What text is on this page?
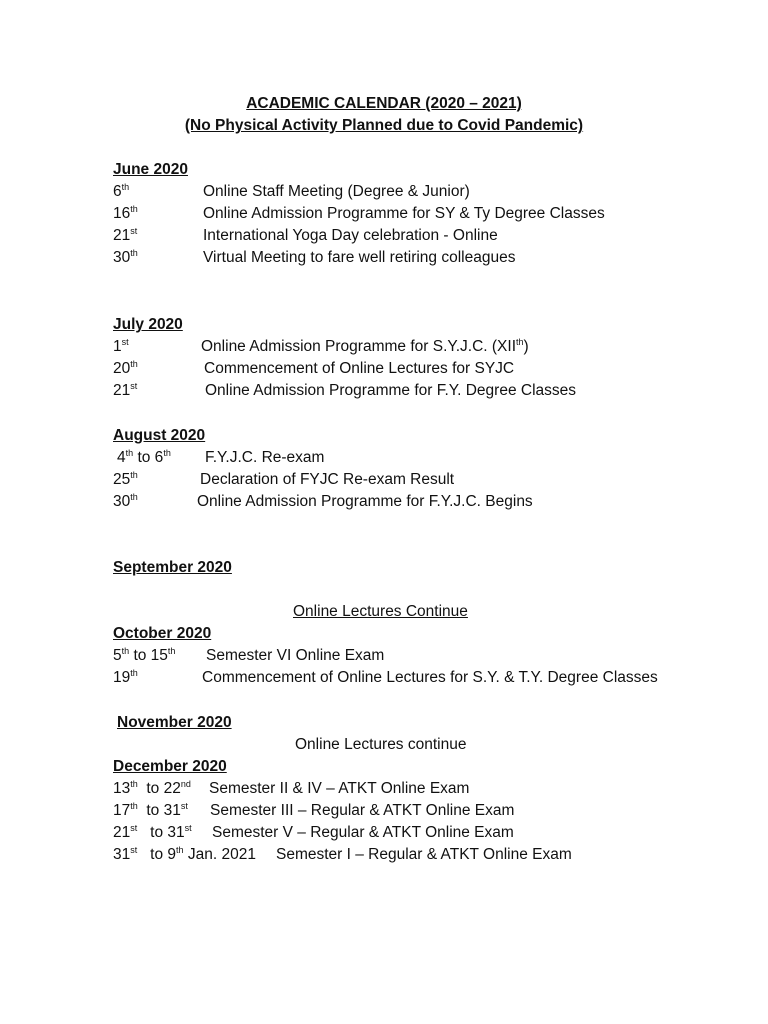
ACADEMIC CALENDAR (2020 – 2021)
(No Physical Activity Planned due to Covid Pandemic)
June 2020
6th	Online Staff Meeting (Degree & Junior)
16th	Online Admission Programme for SY & Ty Degree Classes
21st	International Yoga Day celebration - Online
30th	Virtual Meeting to fare well retiring colleagues
July 2020
1st	Online Admission Programme for S.Y.J.C. (XIIth)
20th	Commencement of Online Lectures for SYJC
21st	Online Admission Programme for F.Y. Degree Classes
August 2020
4th to 6th F.Y.J.C. Re-exam
25th	Declaration of FYJC Re-exam Result
30th	Online Admission Programme for F.Y.J.C. Begins
September 2020
Online Lectures Continue
October 2020
5th to 15th Semester VI Online Exam
19th	Commencement of Online Lectures for S.Y. & T.Y. Degree Classes
November 2020
Online Lectures continue
December 2020
13th  to 22nd Semester II & IV – ATKT Online Exam
17th  to 31st Semester III – Regular & ATKT Online Exam
21st   to 31st Semester V – Regular & ATKT Online Exam
31st   to 9th Jan. 2021 Semester I – Regular & ATKT Online Exam
